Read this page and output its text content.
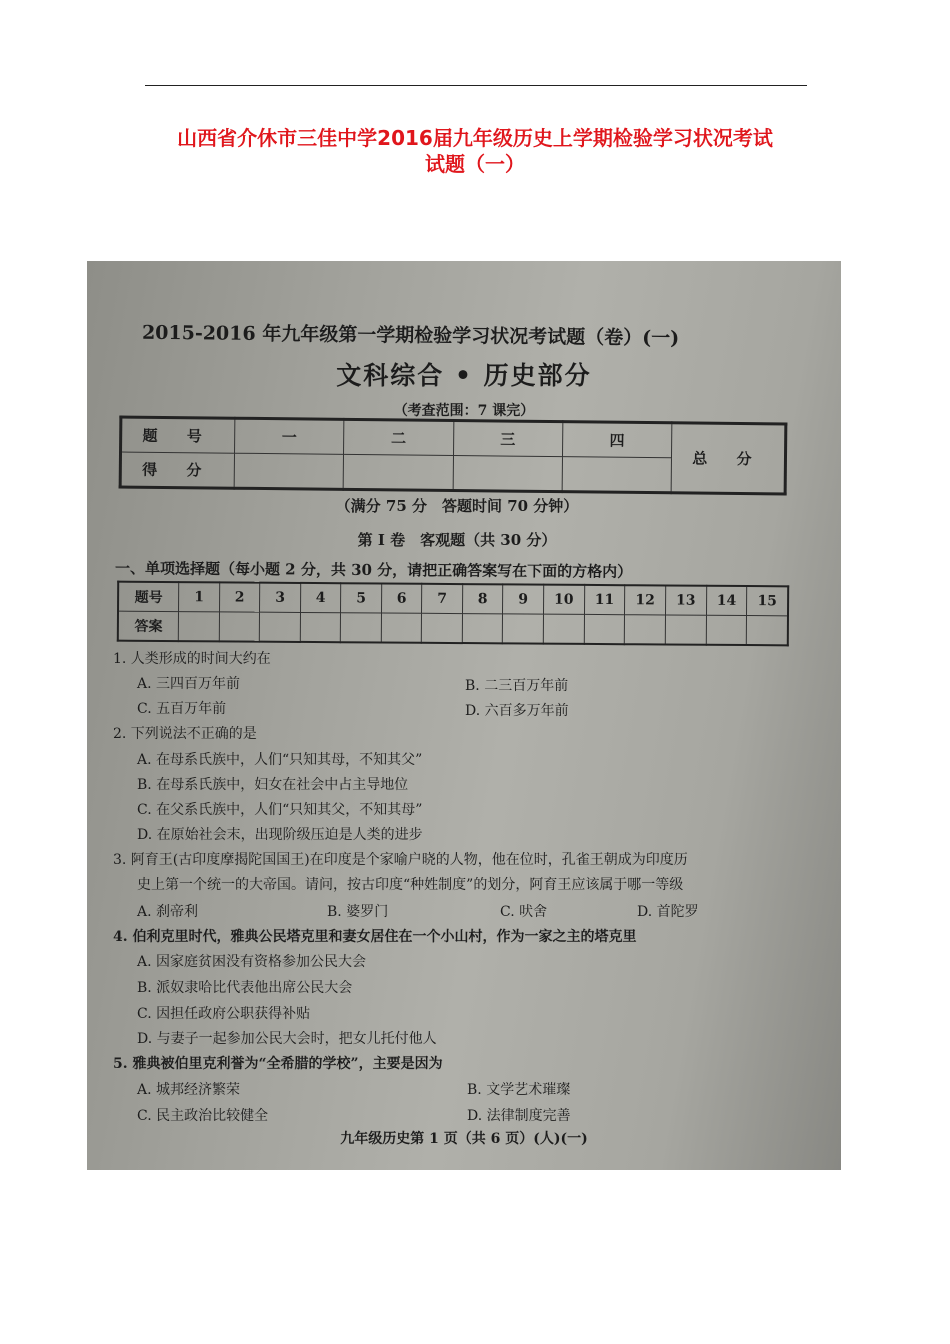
山西省介休市三佳中学2016届九年级历史上学期检验学习状况考试
试题（一）
2015-2016 年九年级第一学期检验学习状况考试题（卷）(一)
文科综合 • 历史部分
（考查范围：7 课完）
题 号	一	二	三	四	总 分
得 分					
（满分 75 分　答题时间 70 分钟）
第 I 卷　客观题（共 30 分）
一、单项选择题（每小题 2 分，共 30 分，请把正确答案写在下面的方格内）
题号	1	2	3	4	5	6	7	8	9	10	11	12	13	14	15
答案															
1. 人类形成的时间大约在
A. 三四百万年前	B. 二三百万年前
C. 五百万年前	D. 六百多万年前
2. 下列说法不正确的是
A. 在母系氏族中，人们“只知其母，不知其父”
B. 在母系氏族中，妇女在社会中占主导地位
C. 在父系氏族中，人们“只知其父，不知其母”
D. 在原始社会末，出现阶级压迫是人类的进步
3. 阿育王(古印度摩揭陀国国王)在印度是个家喻户晓的人物，他在位时，孔雀王朝成为印度历
史上第一个统一的大帝国。请问，按古印度“种姓制度”的划分，阿育王应该属于哪一等级
A. 刹帝利	B. 婆罗门	C. 吠舍	D. 首陀罗
4. 伯利克里时代，雅典公民塔克里和妻女居住在一个小山村，作为一家之主的塔克里
A. 因家庭贫困没有资格参加公民大会
B. 派奴隶哈比代表他出席公民大会
C. 因担任政府公职获得补贴
D. 与妻子一起参加公民大会时，把女儿托付他人
5. 雅典被伯里克利誉为“全希腊的学校”，主要是因为
A. 城邦经济繁荣	B. 文学艺术璀璨
C. 民主政治比较健全	D. 法律制度完善
九年级历史第 1 页（共 6 页）(人)(一)
